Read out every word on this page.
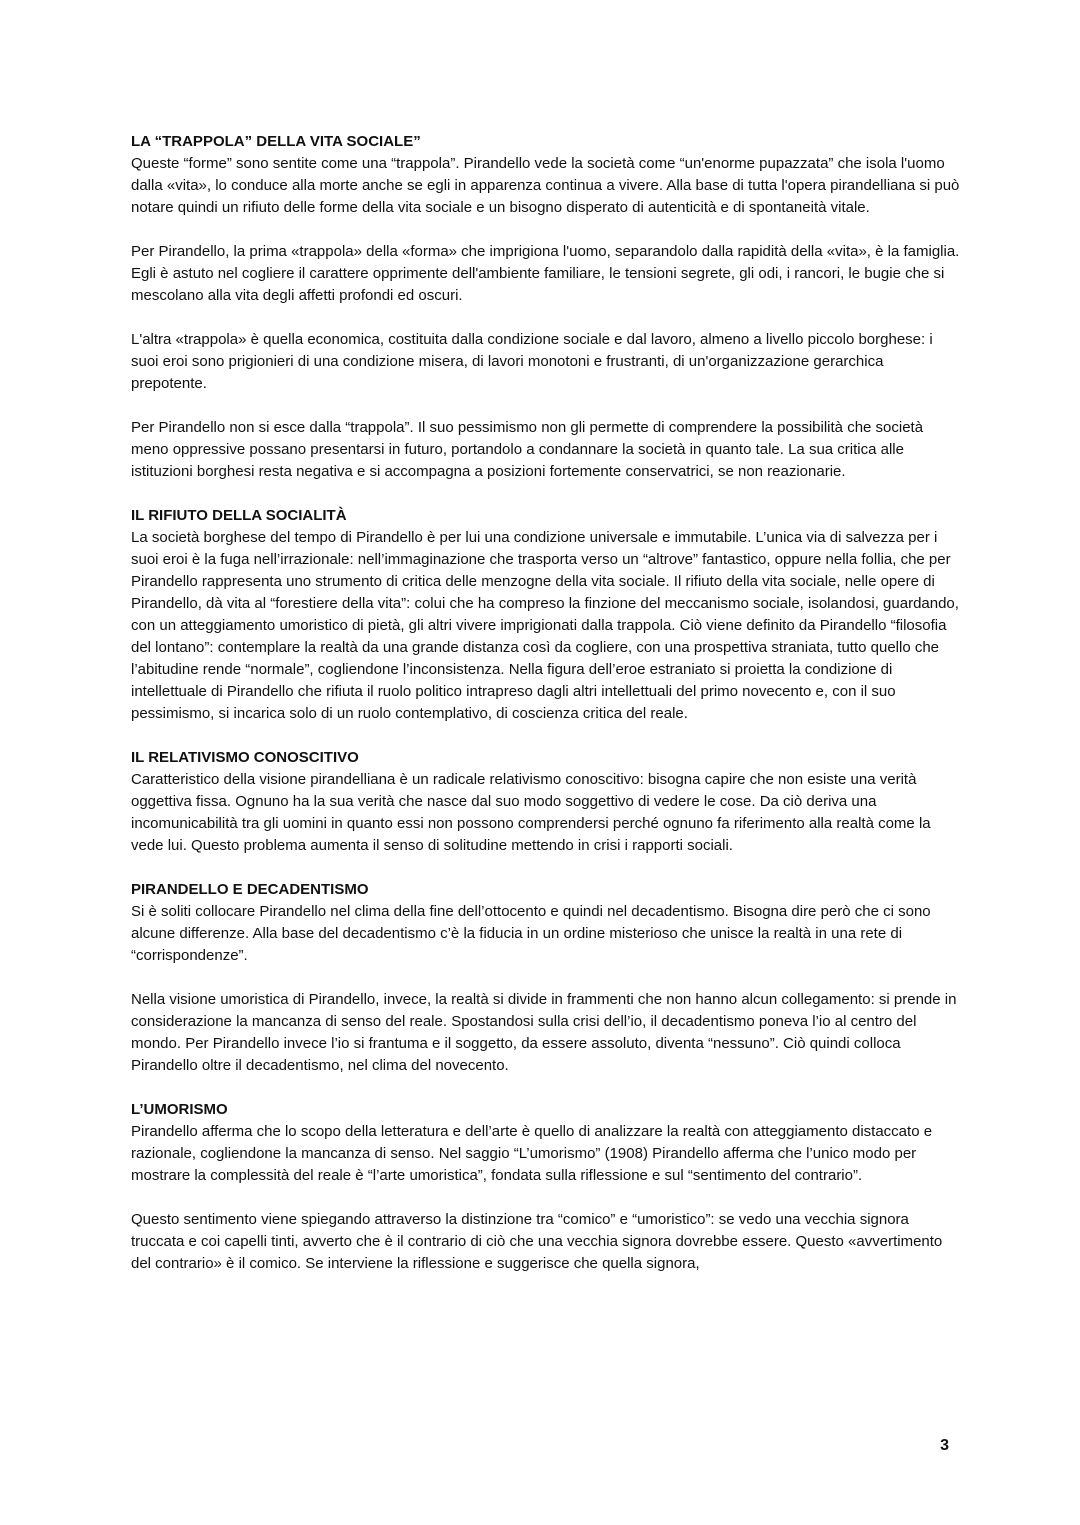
LA “TRAPPOLA” DELLA VITA SOCIALE”

Queste “forme” sono sentite come una “trappola”. Pirandello vede la società come “un'enorme pupazzata” che isola l'uomo dalla «vita», lo conduce alla morte anche se egli in apparenza continua a vivere. Alla base di tutta l'opera pirandelliana si può notare quindi un rifiuto delle forme della vita sociale e un bisogno disperato di autenticità e di spontaneità vitale.

Per Pirandello, la prima «trappola» della «forma» che imprigiona l'uomo, separandolo dalla rapidità della «vita», è la famiglia. Egli è astuto nel cogliere il carattere opprimente dell'ambiente familiare, le tensioni segrete, gli odi, i rancori, le bugie che si mescolano alla vita degli affetti profondi ed oscuri.

L'altra «trappola» è quella economica, costituita dalla condizione sociale e dal lavoro, almeno a livello piccolo borghese: i suoi eroi sono prigionieri di una condizione misera, di lavori monotoni e frustranti, di un'organizzazione gerarchica prepotente.

Per Pirandello non si esce dalla “trappola”. Il suo pessimismo non gli permette di comprendere la possibilità che società meno oppressive possano presentarsi in futuro, portandolo a condannare la società in quanto tale. La sua critica alle istituzioni borghesi resta negativa e si accompagna a posizioni fortemente conservatrici, se non reazionarie.

IL RIFIUTO DELLA SOCIALITÀ

La società borghese del tempo di Pirandello è per lui una condizione universale e immutabile. L’unica via di salvezza per i suoi eroi è la fuga nell’irrazionale: nell’immaginazione che trasporta verso un “altrove” fantastico, oppure nella follia, che per Pirandello rappresenta uno strumento di critica delle menzogne della vita sociale. Il rifiuto della vita sociale, nelle opere di Pirandello, dà vita al “forestiere della vita”: colui che ha compreso la finzione del meccanismo sociale, isolandosi, guardando, con un atteggiamento umoristico di pietà, gli altri vivere imprigionati dalla trappola. Ciò viene definito da Pirandello “filosofia del lontano”: contemplare la realtà da una grande distanza così da cogliere, con una prospettiva straniata, tutto quello che l’abitudine rende “normale”, cogliendone l’inconsistenza. Nella figura dell’eroe estraniato si proietta la condizione di intellettuale di Pirandello che rifiuta il ruolo politico intrapreso dagli altri intellettuali del primo novecento e, con il suo pessimismo, si incarica solo di un ruolo contemplativo, di coscienza critica del reale.

IL RELATIVISMO CONOSCITIVO

Caratteristico della visione pirandelliana è un radicale relativismo conoscitivo: bisogna capire che non esiste una verità oggettiva fissa. Ognuno ha la sua verità che nasce dal suo modo soggettivo di vedere le cose. Da ciò deriva una incomunicabilità tra gli uomini in quanto essi non possono comprendersi perché ognuno fa riferimento alla realtà come la vede lui. Questo problema aumenta il senso di solitudine mettendo in crisi i rapporti sociali.

PIRANDELLO E DECADENTISMO

Si è soliti collocare Pirandello nel clima della fine dell’ottocento e quindi nel decadentismo. Bisogna dire però che ci sono alcune differenze. Alla base del decadentismo c’è la fiducia in un ordine misterioso che unisce la realtà in una rete di “corrispondenze”.

Nella visione umoristica di Pirandello, invece, la realtà si divide in frammenti che non hanno alcun collegamento: si prende in considerazione la mancanza di senso del reale. Spostandosi sulla crisi dell’io, il decadentismo poneva l’io al centro del mondo. Per Pirandello invece l’io si frantuma e il soggetto, da essere assoluto, diventa “nessuno”. Ciò quindi colloca Pirandello oltre il decadentismo, nel clima del novecento.

L’UMORISMO

Pirandello afferma che lo scopo della letteratura e dell’arte è quello di analizzare la realtà con atteggiamento distaccato e razionale, cogliendone la mancanza di senso. Nel saggio “L’umorismo” (1908) Pirandello afferma che l’unico modo per mostrare la complessità del reale è “l’arte umoristica”, fondata sulla riflessione e sul “sentimento del contrario”.

Questo sentimento viene spiegando attraverso la distinzione tra “comico” e “umoristico”: se vedo una vecchia signora truccata e coi capelli tinti, avverto che è il contrario di ciò che una vecchia signora dovrebbe essere. Questo «avvertimento del contrario» è il comico. Se interviene la riflessione e suggerisce che quella signora,

3
